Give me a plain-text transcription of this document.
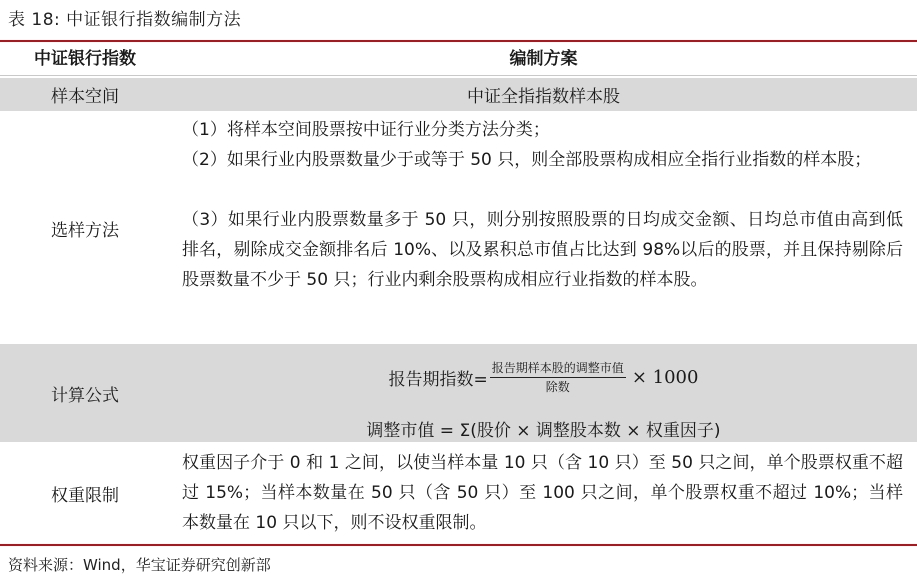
表 18: 中证银行指数编制方法
中证银行指数	编制方案
样本空间	中证全指指数样本股
选样方法
（1）将样本空间股票按中证行业分类方法分类；
（2）如果行业内股票数量少于或等于 50 只，则全部股票构成相应全指行业指数的样本股；
（3）如果行业内股票数量多于 50 只，则分别按照股票的日均成交金额、日均总市值由高到低排名，剔除成交金额排名后 10%、以及累积总市值占比达到 98%以后的股票，并且保持剔除后股票数量不少于 50 只；行业内剩余股票构成相应行业指数的样本股。
计算公式
报告期指数= $\frac{\text{报告期样本股的调整市值}}{\text{除数}} \times 1000$
调整市值 = Σ(股价 × 调整股本数 × 权重因子)
权重限制
权重因子介于 0 和 1 之间，以使当样本量 10 只（含 10 只）至 50 只之间，单个股票权重不超过 15%；当样本数量在 50 只（含 50 只）至 100 只之间，单个股票权重不超过 10%；当样本数量在 10 只以下，则不设权重限制。
资料来源：Wind，华宝证券研究创新部
